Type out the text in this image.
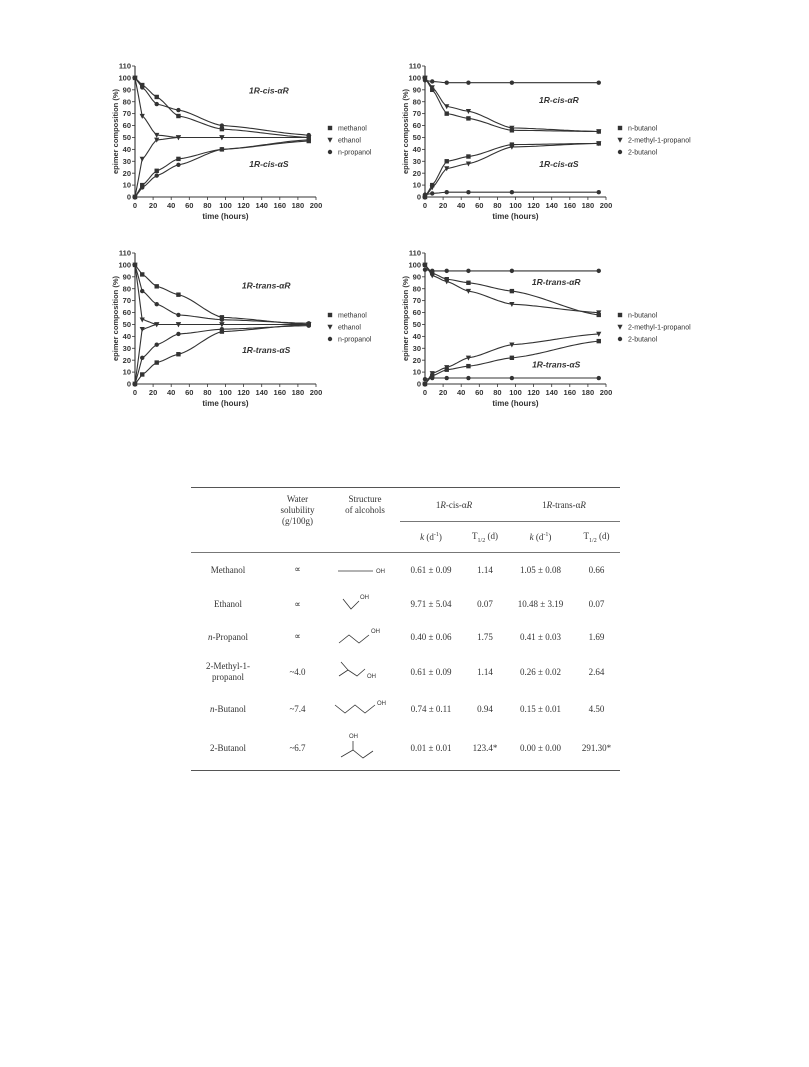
0
10
20
30
40
50
60
70
80
90
100
110
0 20 40 60 80 100 120 140 160 180 200
time (hours)
epimer composition (%)	1R-cis-αR
1R-cis-αS
methanol
ethanol
n-propanol
0
10
20
30
40
50
60
70
80
90
100
110
0 20 40 60 80 100 120 140 160 180 200
time (hours)
epimer composition (%)	1R-cis-αR
1R-cis-αS
n-butanol
2-methyl-1-propanol
2-butanol
0
10
20
30
40
50
60
70
80
90
100
110
0 20 40 60 80 100 120 140 160 180 200
time (hours)
epimer composition (%)	1R-trans-αR
1R-trans-αS
methanol
ethanol
n-propanol
0
10
20
30
40
50
60
70
80
90
100
110
0 20 40 60 80 100 120 140 160 180 200
time (hours)
epimer composition (%)	1R-trans-αR
1R-trans-αS
n-butanol
2-methyl-1-propanol
2-butanol
	Water
solubility
(g/100g)	Structure
of alcohols	1R-cis-αR		1R-trans-αR	
			k $(d^{-1})$	$T_{1/2}$ (d)	k $(d^{-1})$	$T_{1/2}$ (d)
Methanol	∝	OH	0.61 ± 0.09	1.14	1.05 ± 0.08	0.66
Ethanol	∝	OH	9.71 ± 5.04	0.07	10.48 ± 3.19	0.07
n-Propanol	∝	OH	0.40 ± 0.06	1.75	0.41 ± 0.03	1.69
2-Methyl-1-
propanol	~4.0	OH	0.61 ± 0.09	1.14	0.26 ± 0.02	2.64
n-Butanol	~7.4	OH	0.74 ± 0.11	0.94	0.15 ± 0.01	4.50
2-Butanol	~6.7	OH	0.01 ± 0.01	123.4*	0.00 ± 0.00	291.30*
